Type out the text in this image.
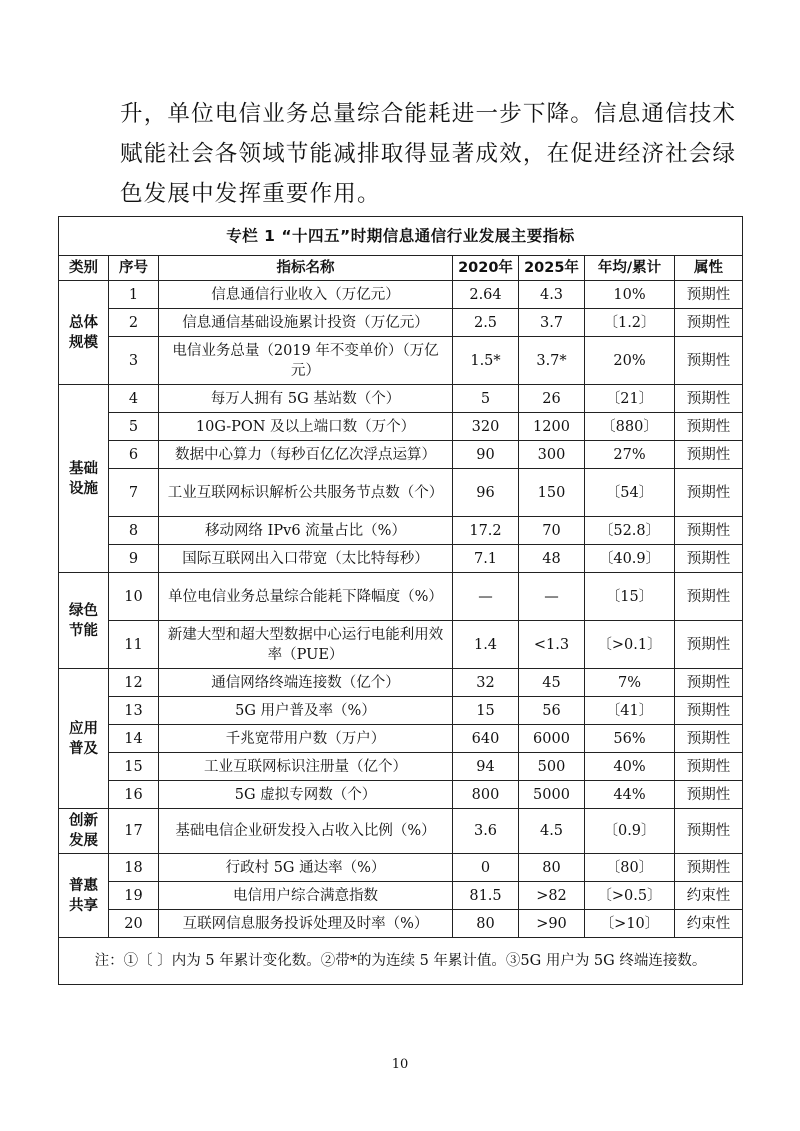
升，单位电信业务总量综合能耗进一步下降。信息通信技术
赋能社会各领域节能减排取得显著成效，在促进经济社会绿
色发展中发挥重要作用。
专栏 1 “十四五”时期信息通信行业发展主要指标						
类别	序号	指标名称	2020年	2025年	年均/累计	属性

总体
规模	1	信息通信行业收入（万亿元）	2.64	4.3	10%	预期性
	2	信息通信基础设施累计投资（万亿元）	2.5	3.7	〔1.2〕	预期性
	3	电信业务总量（2019 年不变单价）（万亿元）	1.5*	3.7*	20%	预期性

基础
设施	4	每万人拥有 5G 基站数（个）	5	26	〔21〕	预期性
	5	10G-PON 及以上端口数（万个）	320	1200	〔880〕	预期性
	6	数据中心算力（每秒百亿亿次浮点运算）	90	300	27%	预期性
	7	工业互联网标识解析公共服务节点数（个）	96	150	〔54〕	预期性
	8	移动网络 IPv6 流量占比（%）	17.2	70	〔52.8〕	预期性
	9	国际互联网出入口带宽（太比特每秒）	7.1	48	〔40.9〕	预期性

绿色
节能	10	单位电信业务总量综合能耗下降幅度（%）	—	—	〔15〕	预期性
	11	新建大型和超大型数据中心运行电能利用效率（PUE）	1.4	<1.3	〔>0.1〕	预期性

应用
普及	12	通信网络终端连接数（亿个）	32	45	7%	预期性
	13	5G 用户普及率（%）	15	56	〔41〕	预期性
	14	千兆宽带用户数（万户）	640	6000	56%	预期性
	15	工业互联网标识注册量（亿个）	94	500	40%	预期性
	16	5G 虚拟专网数（个）	800	5000	44%	预期性

创新
发展	17	基础电信企业研发投入占收入比例（%）	3.6	4.5	〔0.9〕	预期性

普惠
共享	18	行政村 5G 通达率（%）	0	80	〔80〕	预期性
	19	电信用户综合满意指数	81.5	>82	〔>0.5〕	约束性
	20	互联网信息服务投诉处理及时率（%）	80	>90	〔>10〕	约束性
注：①〔 〕内为 5 年累计变化数。②带*的为连续 5 年累计值。③5G 用户为 5G 终端连接数。						
10
